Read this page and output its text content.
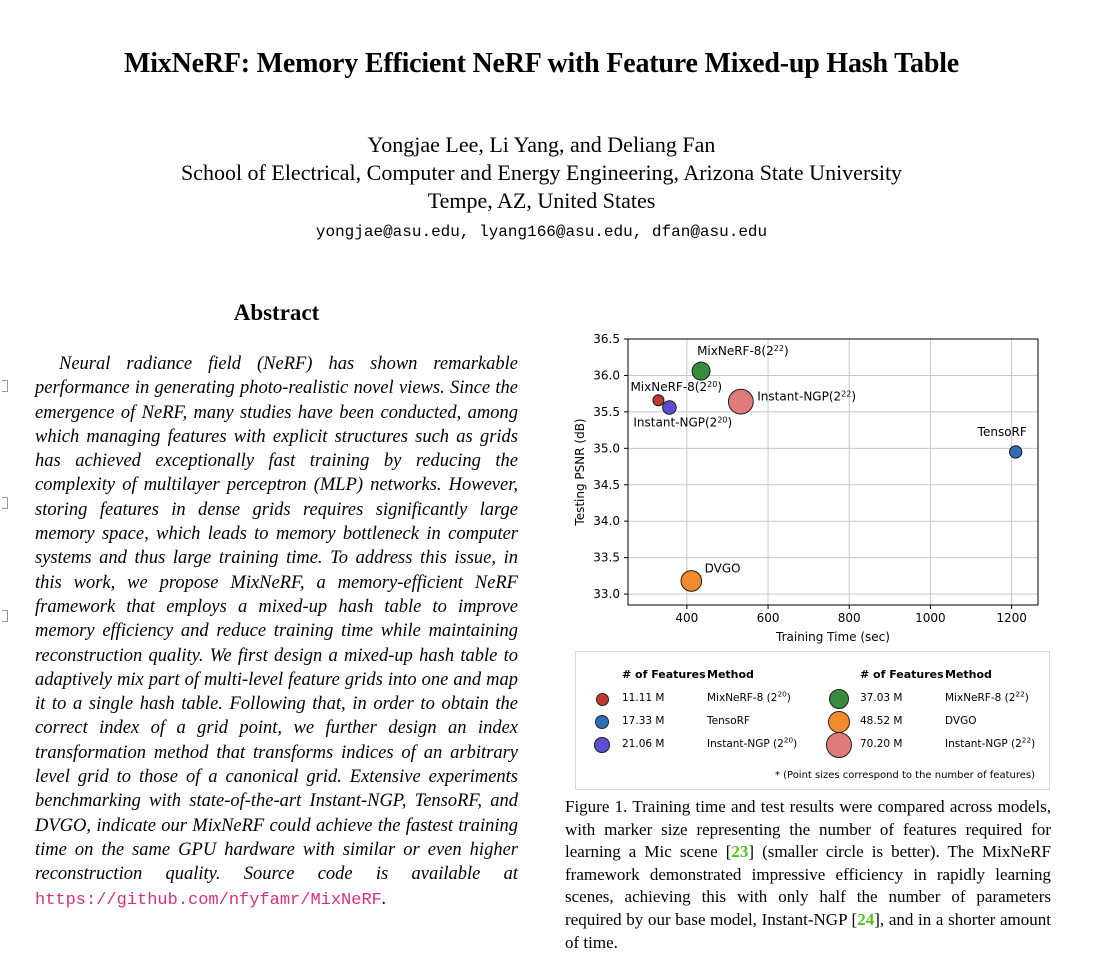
MixNeRF: Memory Efficient NeRF with Feature Mixed-up Hash Table
Yongjae Lee, Li Yang, and Deliang Fan
School of Electrical, Computer and Energy Engineering, Arizona State University
Tempe, AZ, United States
yongjae@asu.edu, lyang166@asu.edu, dfan@asu.edu
Abstract
Neural radiance field (NeRF) has shown remarkable performance in generating photo-realistic novel views. Since the emergence of NeRF, many studies have been conducted, among which managing features with explicit structures such as grids has achieved exceptionally fast training by reducing the complexity of multilayer perceptron (MLP) networks. However, storing features in dense grids requires significantly large memory space, which leads to memory bottleneck in computer systems and thus large training time. To address this issue, in this work, we propose MixNeRF, a memory-efficient NeRF framework that employs a mixed-up hash table to improve memory efficiency and reduce training time while maintaining reconstruction quality. We first design a mixed-up hash table to adaptively mix part of multi-level feature grids into one and map it to a single hash table. Following that, in order to obtain the correct index of a grid point, we further design an index transformation method that transforms indices of an arbitrary level grid to those of a canonical grid. Extensive experiments benchmarking with state-of-the-art Instant-NGP, TensoRF, and DVGO, indicate our MixNeRF could achieve the fastest training time on the same GPU hardware with similar or even higher reconstruction quality. Source code is available at https://github.com/nfyfamr/MixNeRF.
400	600	800	1000	1200
33.0
33.5
34.0
34.5
35.0
35.5
36.0
36.5
Training Time (sec)
Testing PSNR (dB)
MixNeRF-$8(2^{22})$
MixNeRF-$8(2^{20})$
Instant-$NGP(2^{22})$
Instant-$NGP(2^{20})$
TensoRF
DVGO
# of Features Method	# of Features Method
11.11 M	MixNeRF-8 $(2^{20})$
17.33 M	TensoRF
21.06 M	Instant-NGP $(2^{20})$
37.03 M	MixNeRF-8 $(2^{22})$
48.52 M	DVGO
70.20 M	Instant-NGP $(2^{22})$
* (Point sizes correspond to the number of features)
Figure 1. Training time and test results were compared across models, with marker size representing the number of features required for learning a Mic scene [23] (smaller circle is better). The MixNeRF framework demonstrated impressive efficiency in rapidly learning scenes, achieving this with only half the number of parameters required by our base model, Instant-NGP [24], and in a shorter amount of time.
